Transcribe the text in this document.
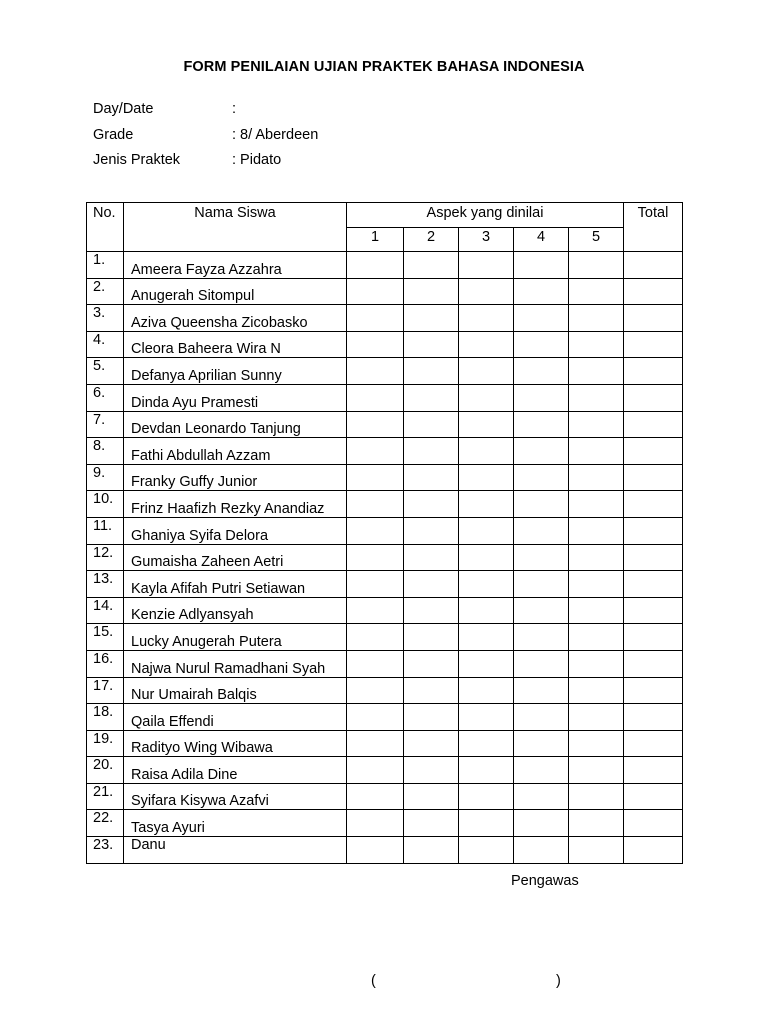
FORM PENILAIAN UJIAN PRAKTEK BAHASA INDONESIA
Day/Date	:
Grade	: 8/ Aberdeen
Jenis Praktek	: Pidato
No.	Nama Siswa	Aspek yang dinilai					Total
		1	2	3	4	5	
1.	Ameera Fayza Azzahra						
2.	Anugerah Sitompul						
3.	Aziva Queensha Zicobasko						
4.	Cleora Baheera Wira N						
5.	Defanya Aprilian Sunny						
6.	Dinda Ayu Pramesti						
7.	Devdan Leonardo Tanjung						
8.	Fathi Abdullah Azzam						
9.	Franky Guffy Junior						
10.	Frinz Haafizh Rezky Anandiaz						
11.	Ghaniya Syifa Delora						
12.	Gumaisha Zaheen Aetri						
13.	Kayla Afifah Putri Setiawan						
14.	Kenzie Adlyansyah						
15.	Lucky Anugerah Putera						
16.	Najwa Nurul Ramadhani Syah						
17.	Nur Umairah Balqis						
18.	Qaila Effendi						
19.	Radityo Wing Wibawa						
20.	Raisa Adila Dine						
21.	Syifara Kisywa Azafvi						
22.	Tasya Ayuri						
23.	Danu						
Pengawas
(	)
